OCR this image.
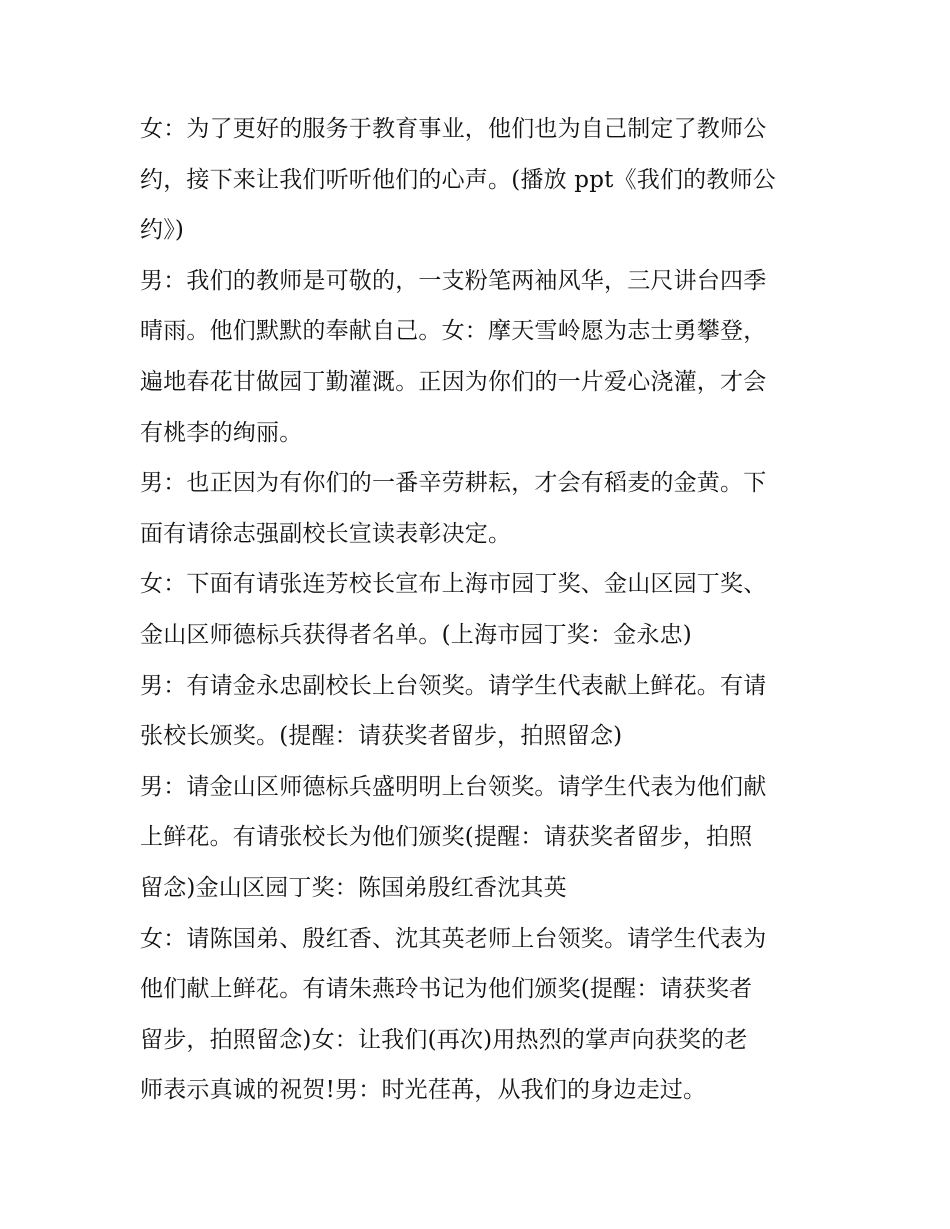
女：为了更好的服务于教育事业，他们也为自己制定了教师公
约，接下来让我们听听他们的心声。(播放 ppt《我们的教师公
约》)
男：我们的教师是可敬的，一支粉笔两袖风华，三尺讲台四季
晴雨。他们默默的奉献自己。女：摩天雪岭愿为志士勇攀登，
遍地春花甘做园丁勤灌溉。正因为你们的一片爱心浇灌，才会
有桃李的绚丽。
男：也正因为有你们的一番辛劳耕耘，才会有稻麦的金黄。下
面有请徐志强副校长宣读表彰决定。
女：下面有请张连芳校长宣布上海市园丁奖、金山区园丁奖、
金山区师德标兵获得者名单。(上海市园丁奖：金永忠)
男：有请金永忠副校长上台领奖。请学生代表献上鲜花。有请
张校长颁奖。(提醒：请获奖者留步，拍照留念)
男：请金山区师德标兵盛明明上台领奖。请学生代表为他们献
上鲜花。有请张校长为他们颁奖(提醒：请获奖者留步，拍照
留念)金山区园丁奖：陈国弟殷红香沈其英
女：请陈国弟、殷红香、沈其英老师上台领奖。请学生代表为
他们献上鲜花。有请朱燕玲书记为他们颁奖(提醒：请获奖者
留步，拍照留念)女：让我们(再次)用热烈的掌声向获奖的老
师表示真诚的祝贺!男：时光荏苒，从我们的身边走过。
